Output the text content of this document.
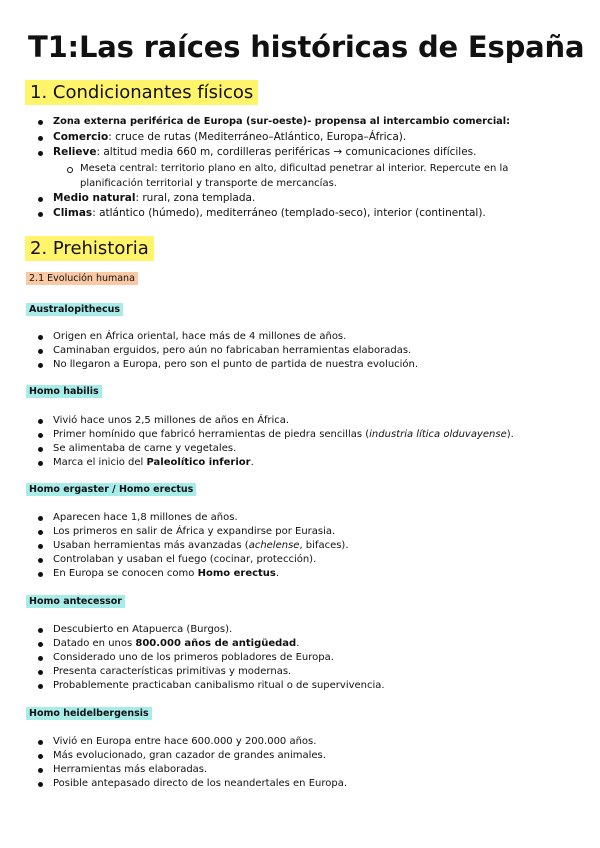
T1:Las raíces históricas de España
1. Condicionantes físicos
Zona externa periférica de Europa (sur-oeste)- propensa al intercambio comercial:
Comercio: cruce de rutas (Mediterráneo–Atlántico, Europa–África).
Relieve: altitud media 660 m, cordilleras periféricas → comunicaciones difíciles.
Meseta central: territorio plano en alto, dificultad penetrar al interior. Repercute en la planificación territorial y transporte de mercancías.
Medio natural: rural, zona templada.
Climas: atlántico (húmedo), mediterráneo (templado-seco), interior (continental).
2. Prehistoria
2.1 Evolución humana
Australopithecus
Origen en África oriental, hace más de 4 millones de años.
Caminaban erguidos, pero aún no fabricaban herramientas elaboradas.
No llegaron a Europa, pero son el punto de partida de nuestra evolución.
Homo habilis
Vivió hace unos 2,5 millones de años en África.
Primer homínido que fabricó herramientas de piedra sencillas (industria lítica olduvayense).
Se alimentaba de carne y vegetales.
Marca el inicio del Paleolítico inferior.
Homo ergaster / Homo erectus
Aparecen hace 1,8 millones de años.
Los primeros en salir de África y expandirse por Eurasia.
Usaban herramientas más avanzadas (achelense, bifaces).
Controlaban y usaban el fuego (cocinar, protección).
En Europa se conocen como Homo erectus.
Homo antecessor
Descubierto en Atapuerca (Burgos).
Datado en unos 800.000 años de antigüedad.
Considerado uno de los primeros pobladores de Europa.
Presenta características primitivas y modernas.
Probablemente practicaban canibalismo ritual o de supervivencia.
Homo heidelbergensis
Vivió en Europa entre hace 600.000 y 200.000 años.
Más evolucionado, gran cazador de grandes animales.
Herramientas más elaboradas.
Posible antepasado directo de los neandertales en Europa.
